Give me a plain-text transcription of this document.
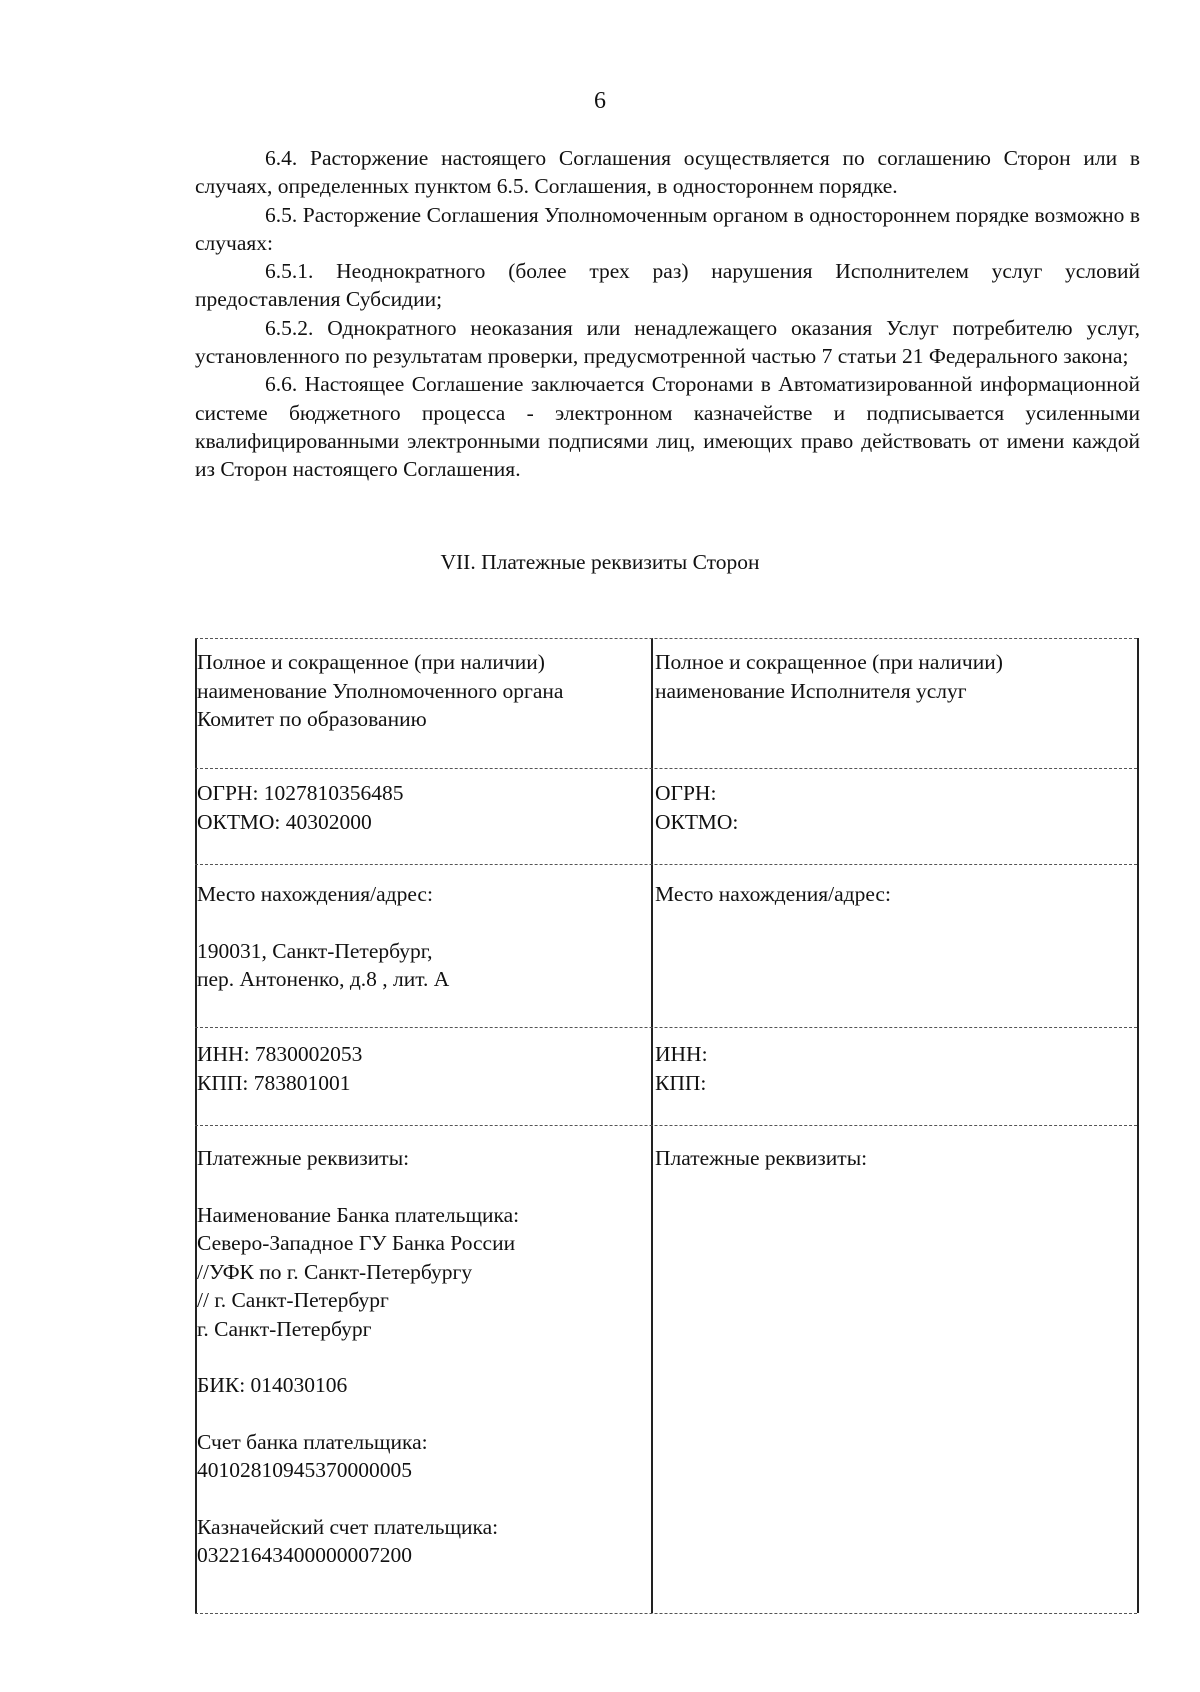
6

6.4. Расторжение настоящего Соглашения осуществляется по соглашению Сторон или в случаях, определенных пунктом 6.5. Соглашения, в одностороннем порядке.

6.5. Расторжение Соглашения Уполномоченным органом в одностороннем порядке возможно в случаях:

6.5.1. Неоднократного (более трех раз) нарушения Исполнителем услуг условий предоставления Субсидии;

6.5.2. Однократного неоказания или ненадлежащего оказания Услуг потребителю услуг, установленного по результатам проверки, предусмотренной частью 7 статьи 21 Федерального закона;

6.6. Настоящее Соглашение заключается Сторонами в Автоматизированной информационной системе бюджетного процесса - электронном казначействе и подписывается усиленными квалифицированными электронными подписями лиц, имеющих право действовать от имени каждой из Сторон настоящего Соглашения.

VII. Платежные реквизиты Сторон
Полное и сокращенное (при наличии)
наименование Уполномоченного органа
Комитет по образованию
Полное и сокращенное (при наличии)
наименование Исполнителя услуг
ОГРН: 1027810356485
ОКТМО: 40302000
ОГРН:
ОКТМО:
Место нахождения/адрес:
190031, Санкт-Петербург,
пер. Антоненко, д.8 , лит. А
Место нахождения/адрес:
ИНН: 7830002053
КПП: 783801001
ИНН:
КПП:
Платежные реквизиты:
Наименование Банка плательщика:
Северо-Западное ГУ Банка России
//УФК по г. Санкт-Петербургу
// г. Санкт-Петербург
г. Санкт-Петербург
БИК: 014030106
Счет банка плательщика:
40102810945370000005
Казначейский счет плательщика:
03221643400000007200
Платежные реквизиты:
